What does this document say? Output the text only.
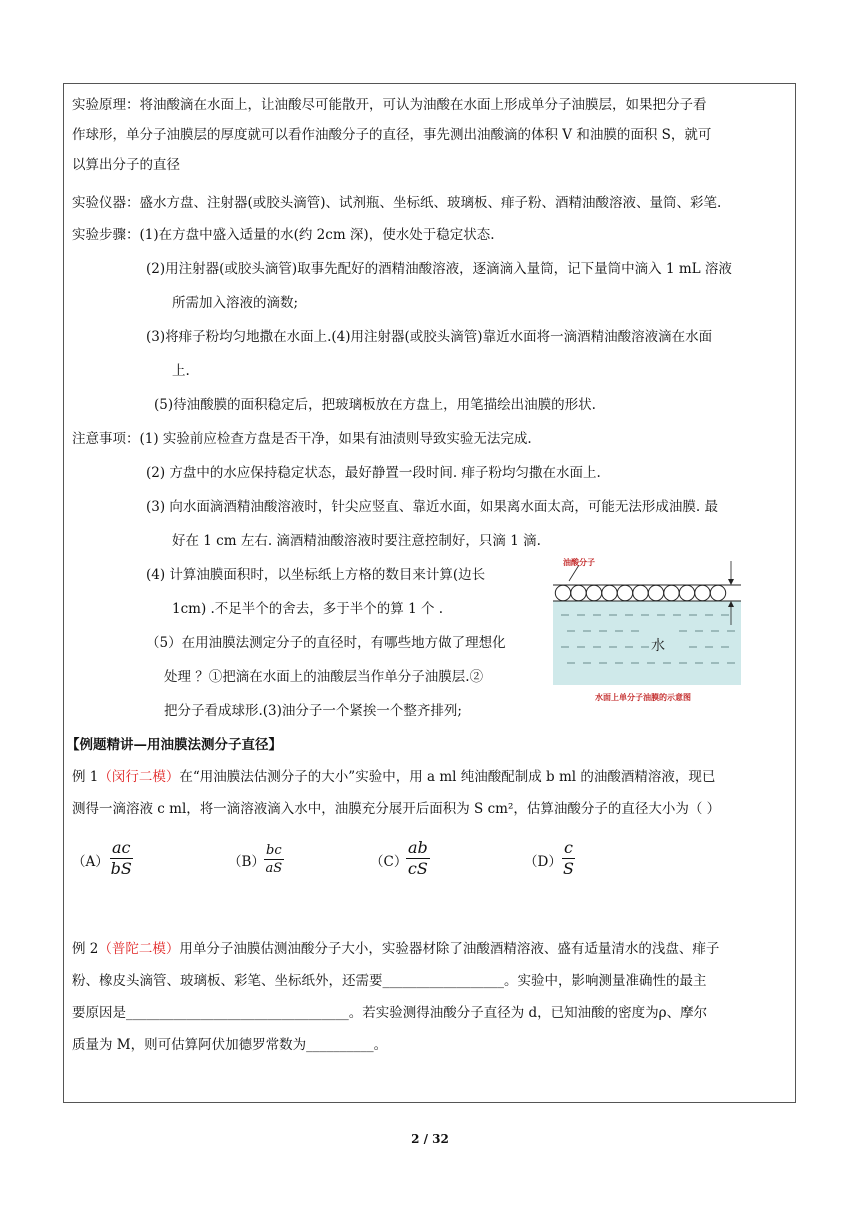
实验原理：将油酸滴在水面上，让油酸尽可能散开，可认为油酸在水面上形成单分子油膜层，如果把分子看
作球形，单分子油膜层的厚度就可以看作油酸分子的直径，事先测出油酸滴的体积 V 和油膜的面积 S，就可
以算出分子的直径
实验仪器：盛水方盘、注射器(或胶头滴管)、试剂瓶、坐标纸、玻璃板、痱子粉、酒精油酸溶液、量筒、彩笔.
实验步骤：(1)在方盘中盛入适量的水(约 2cm 深)，使水处于稳定状态.
(2)用注射器(或胶头滴管)取事先配好的酒精油酸溶液，逐滴滴入量筒，记下量筒中滴入 1 mL 溶液
所需加入溶液的滴数;
(3)将痱子粉均匀地撒在水面上.(4)用注射器(或胶头滴管)靠近水面将一滴酒精油酸溶液滴在水面
上.
(5)待油酸膜的面积稳定后，把玻璃板放在方盘上，用笔描绘出油膜的形状.
注意事项：(1) 实验前应检查方盘是否干净，如果有油渍则导致实验无法完成.
(2) 方盘中的水应保持稳定状态，最好静置一段时间. 痱子粉均匀撒在水面上.
(3) 向水面滴酒精油酸溶液时，针尖应竖直、靠近水面，如果离水面太高，可能无法形成油膜. 最
好在 1 cm 左右. 滴酒精油酸溶液时要注意控制好，只滴 1 滴.
(4) 计算油膜面积时，以坐标纸上方格的数目来计算(边长
1cm) .不足半个的舍去，多于半个的算 1 个 .
（5）在用油膜法测定分子的直径时，有哪些地方做了理想化
处理 ？①把滴在水面上的油酸层当作单分子油膜层.②
把分子看成球形.(3)油分子一个紧挨一个整齐排列;
油酸分子
水
水面上单分子油膜的示意图
【例题精讲—用油膜法测分子直径】
例 1（闵行二模）在“用油膜法估测分子的大小”实验中，用 a ml 纯油酸配制成 b ml 的油酸酒精溶液，现已
测得一滴溶液 c ml，将一滴溶液滴入水中，油膜充分展开后面积为 S cm²，估算油酸分子的直径大小为（ ）
$(A) \frac{ac}{bS}$	$(B) \frac{bc}{aS}$	（C）
$\frac{ab}{cS}$	$(D) \frac{c}{S}$
例 2（普陀二模）用单分子油膜估测油酸分子大小，实验器材除了油酸酒精溶液、盛有适量清水的浅盘、痱子
粉、橡皮头滴管、玻璃板、彩笔、坐标纸外，还需要__________________。实验中，影响测量准确性的最主
要原因是_________________________________。若实验测得油酸分子直径为 d，已知油酸的密度为ρ、摩尔
质量为 M，则可估算阿伏加德罗常数为__________。
2 / 32
